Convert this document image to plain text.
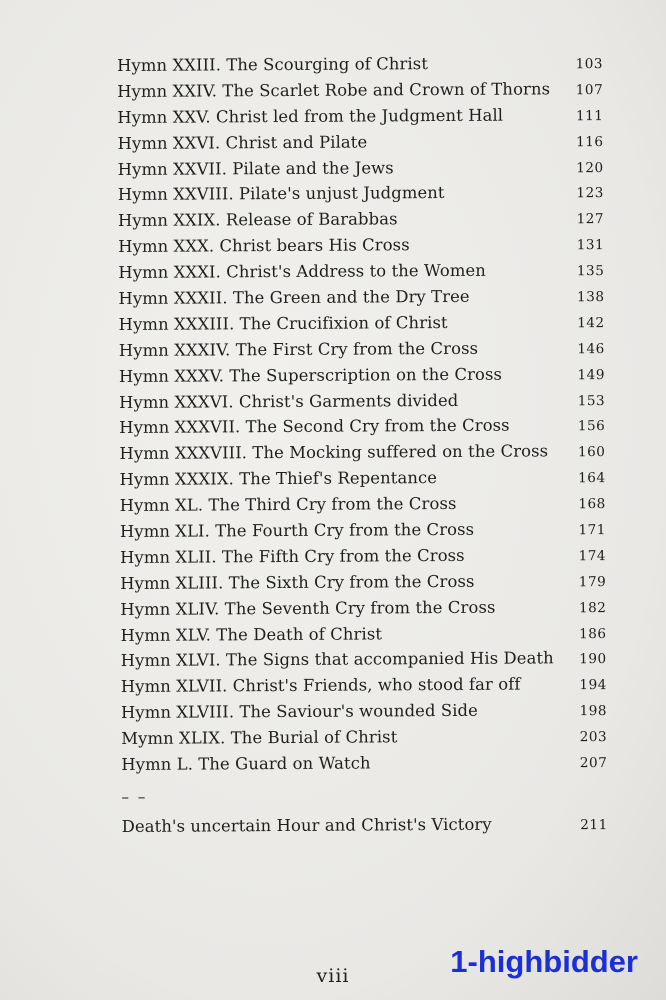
Hymn XXIII. The Scourging of Christ	103
Hymn XXIV. The Scarlet Robe and Crown of Thorns 107
Hymn XXV. Christ led from the Judgment Hall	111
Hymn XXVI. Christ and Pilate	116
Hymn XXVII. Pilate and the Jews	120
Hymn XXVIII. Pilate's unjust Judgment	123
Hymn XXIX. Release of Barabbas	127
Hymn XXX. Christ bears His Cross	131
Hymn XXXI. Christ's Address to the Women	135
Hymn XXXII. The Green and the Dry Tree	138
Hymn XXXIII. The Crucifixion of Christ	142
Hymn XXXIV. The First Cry from the Cross	146
Hymn XXXV. The Superscription on the Cross	149
Hymn XXXVI. Christ's Garments divided	153
Hymn XXXVII. The Second Cry from the Cross	156
Hymn XXXVIII. The Mocking suffered on the Cross 160
Hymn XXXIX. The Thief's Repentance	164
Hymn XL. The Third Cry from the Cross	168
Hymn XLI. The Fourth Cry from the Cross	171
Hymn XLII. The Fifth Cry from the Cross	174
Hymn XLIII. The Sixth Cry from the Cross	179
Hymn XLIV. The Seventh Cry from the Cross	182
Hymn XLV. The Death of Christ	186
Hymn XLVI. The Signs that accompanied His Death 190
Hymn XLVII. Christ's Friends, who stood far off	194
Hymn XLVIII. The Saviour's wounded Side	198
Mymn XLIX. The Burial of Christ	203
Hymn L. The Guard on Watch	207
– –
Death's uncertain Hour and Christ's Victory	211
viii	1-highbidder
